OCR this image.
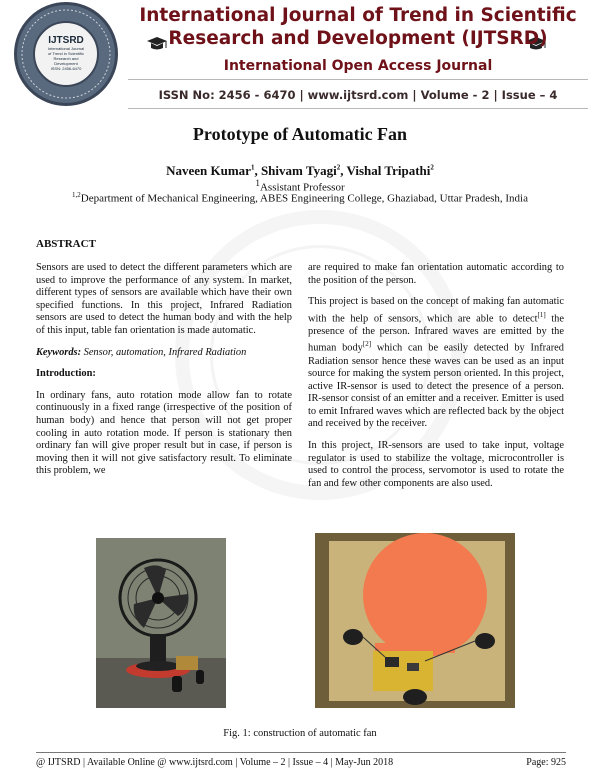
IJTSRD
International Journal
of Trend in Scientific
Research and
Development
ISSN: 2456-6470
International Journal of Trend in Scientific
Research and Development (IJTSRD)
International Open Access Journal
ISSN No: 2456 - 6470 | www.ijtsrd.com | Volume - 2 | Issue – 4
Prototype of Automatic Fan
Naveen Kumar$^1$, Shivam Tyagi$^2$, Vishal Tripathi$^2$
$^1$Assistant Professor
$^{1,2}$Department of Mechanical Engineering, ABES Engineering College, Ghaziabad, Uttar Pradesh, India
ABSTRACT

Sensors are used to detect the different parameters which are used to improve the performance of any system. In market, different types of sensors are available which have their own specified functions. In this project, Infrared Radiation sensors are used to detect the human body and with the help of this input, table fan orientation is made automatic.

Keywords: Sensor, automation, Infrared Radiation

Introduction:

In ordinary fans, auto rotation mode allow fan to rotate continuously in a fixed range (irrespective of the position of human body) and hence that person will not get proper cooling in auto rotation mode. If person is stationary then ordinary fan will give proper result but in case, if person is moving then it will not give satisfactory result. To eliminate this problem, we

are required to make fan orientation automatic according to the position of the person.

This project is based on the concept of making fan automatic with the help of sensors, which are able to detect[1] the presence of the person. Infrared waves are emitted by the human body[2] which can be easily detected by Infrared Radiation sensor hence these waves can be used as an input source for making the system person oriented. In this project, active IR-sensor is used to detect the presence of a person. IR-sensor consist of an emitter and a receiver. Emitter is used to emit Infrared waves which are reflected back by the object and received by the receiver.

In this project, IR-sensors are used to take input, voltage regulator is used to stabilize the voltage, microcontroller is used to control the process, servomotor is used to rotate the fan and few other components are also used.

Fig. 1: construction of automatic fan
@ IJTSRD | Available Online @ www.ijtsrd.com | Volume – 2 | Issue – 4 | May-Jun 2018	Page: 925
